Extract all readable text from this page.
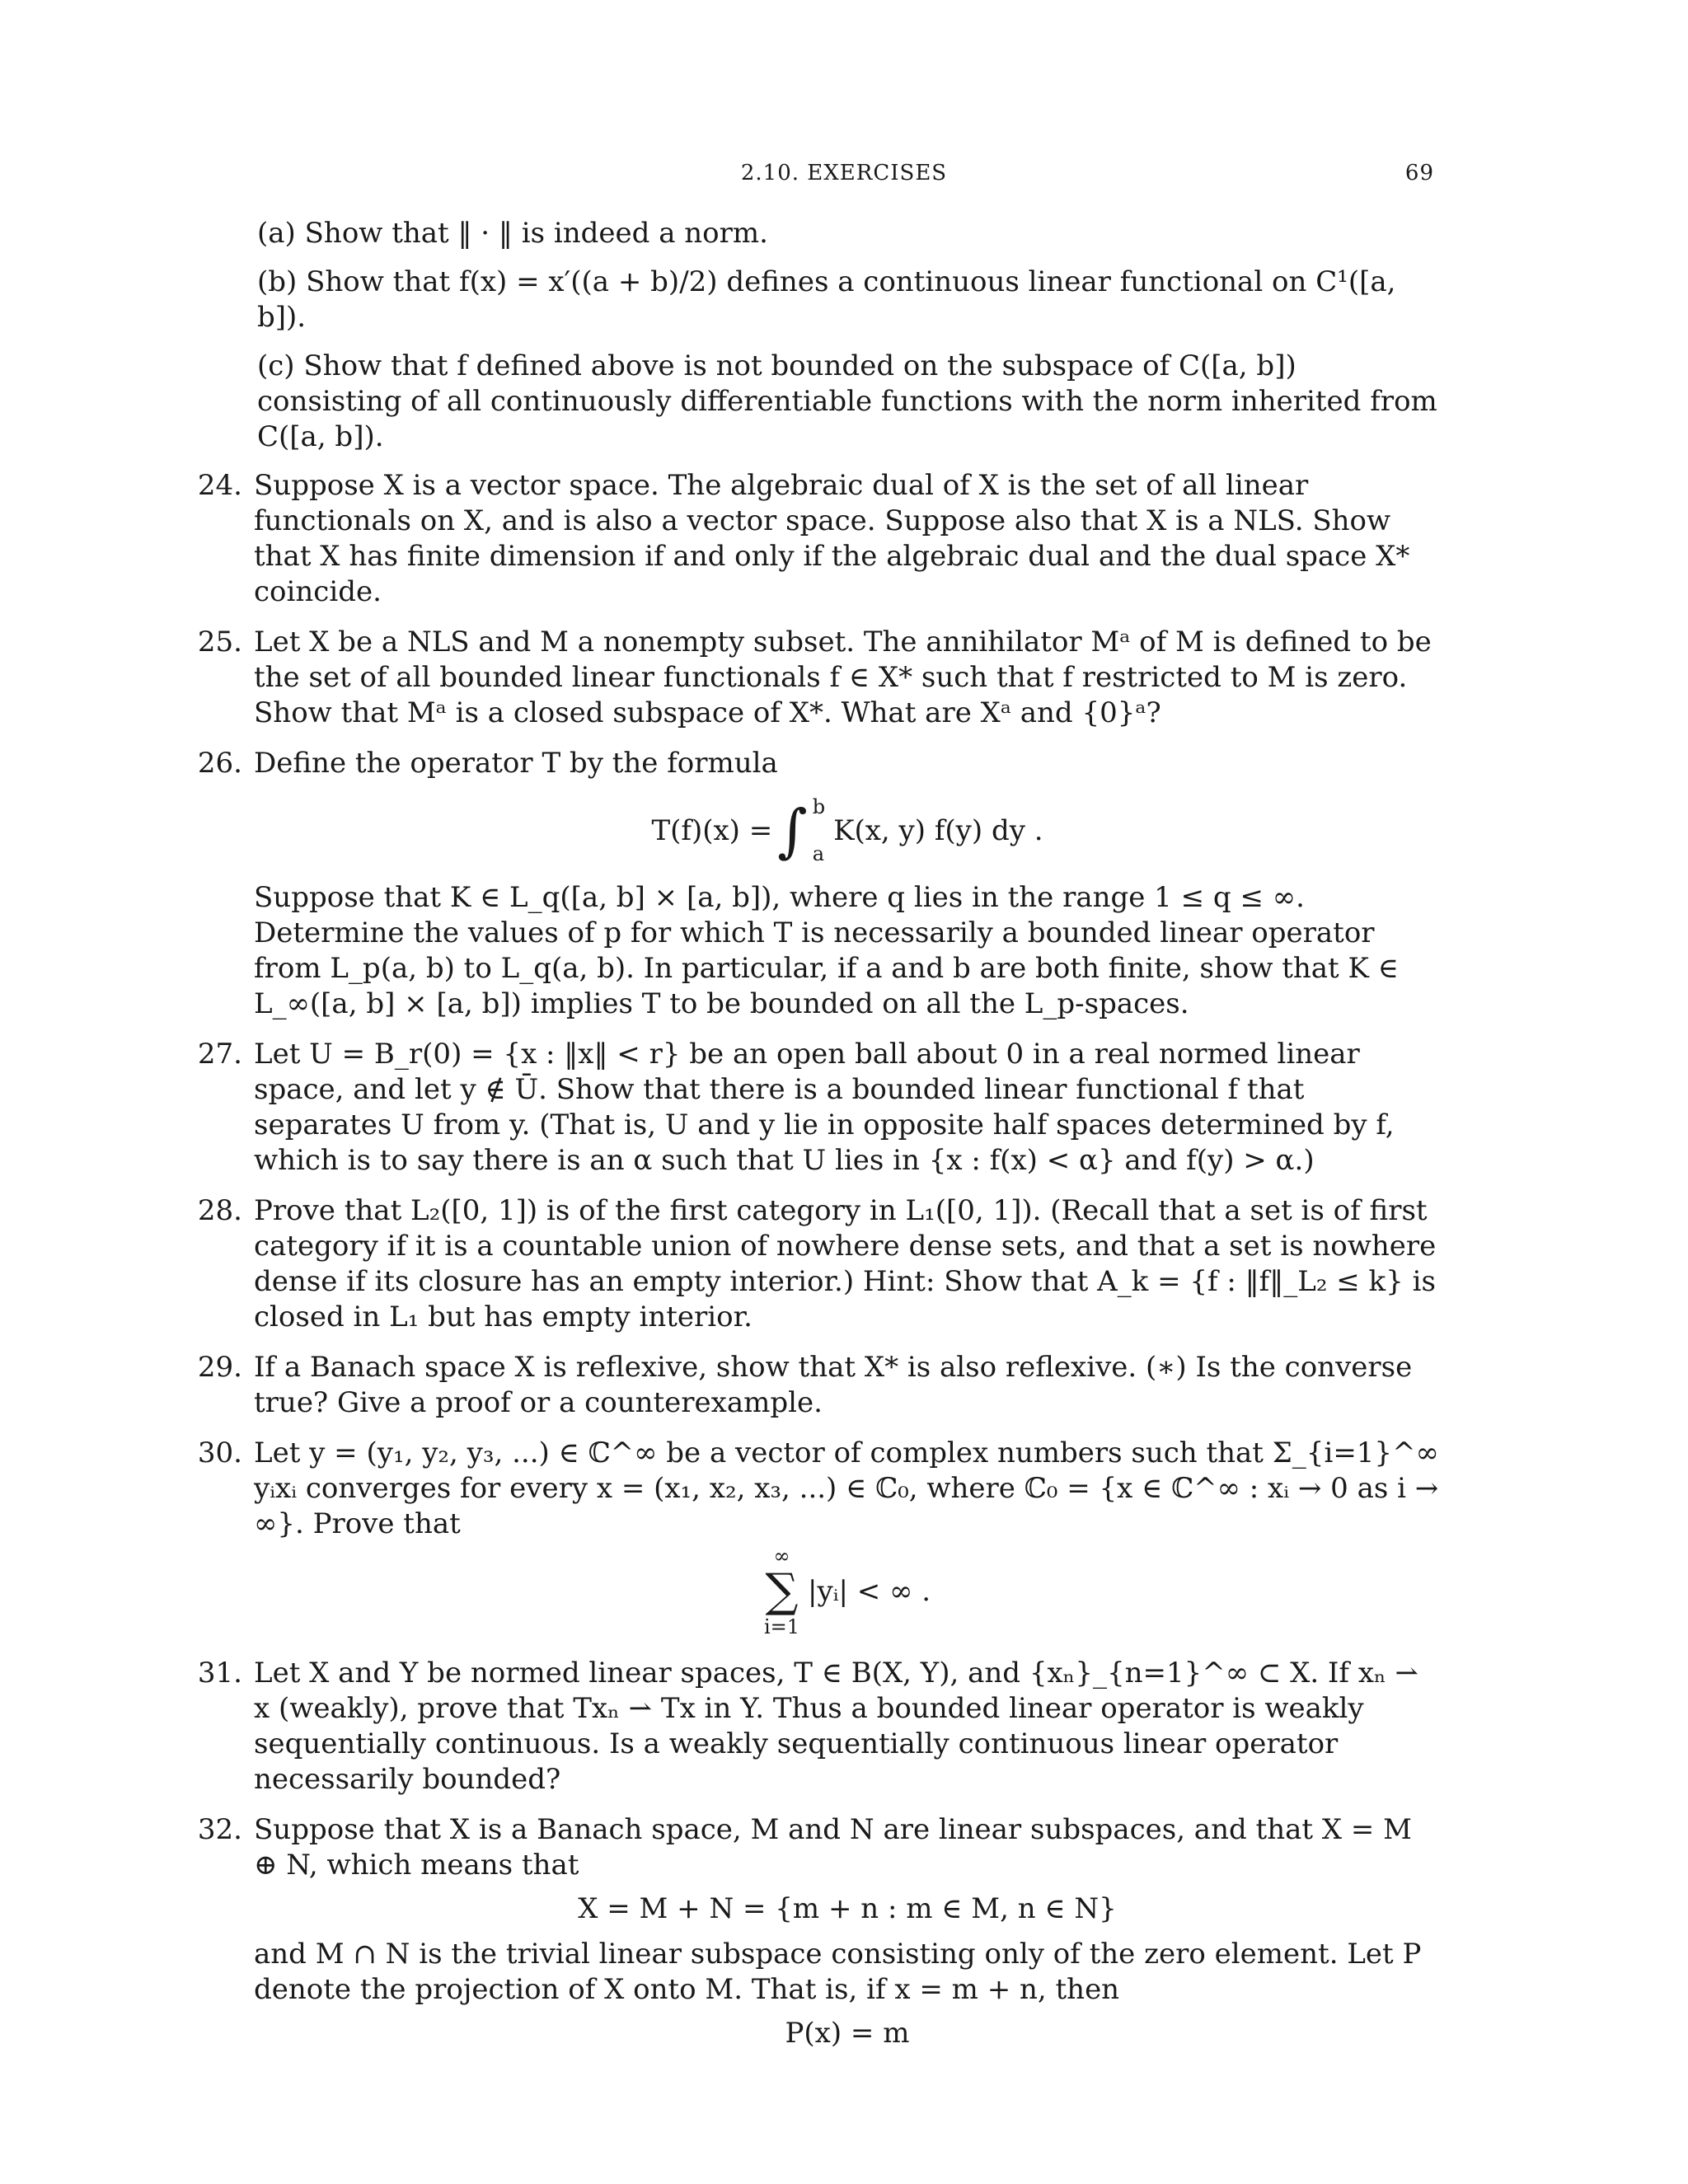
2.10. EXERCISES	69
(a) Show that ‖ · ‖ is indeed a norm.
(b) Show that f(x) = x′((a + b)/2) defines a continuous linear functional on C¹([a, b]).
(c) Show that f defined above is not bounded on the subspace of C([a, b]) consisting of all continuously differentiable functions with the norm inherited from C([a, b]).
24. Suppose X is a vector space. The algebraic dual of X is the set of all linear functionals on X, and is also a vector space. Suppose also that X is a NLS. Show that X has finite dimension if and only if the algebraic dual and the dual space X* coincide.

25. Let X be a NLS and M a nonempty subset. The annihilator Mᵃ of M is defined to be the set of all bounded linear functionals f ∈ X* such that f restricted to M is zero. Show that Mᵃ is a closed subspace of X*. What are Xᵃ and {0}ᵃ?

26. Define the operator T by the formula

T(f)(x) = ∫ b
a
K(x, y) f(y) dy .

Suppose that K ∈ L_q([a, b] × [a, b]), where q lies in the range 1 ≤ q ≤ ∞. Determine the values of p for which T is necessarily a bounded linear operator from L_p(a, b) to L_q(a, b). In particular, if a and b are both finite, show that K ∈ L_∞([a, b] × [a, b]) implies T to be bounded on all the L_p-spaces.

27. Let U = B_r(0) = {x : ‖x‖ < r} be an open ball about 0 in a real normed linear space, and let y ∉ Ū. Show that there is a bounded linear functional f that separates U from y. (That is, U and y lie in opposite half spaces determined by f, which is to say there is an α such that U lies in {x : f(x) < α} and f(y) > α.)

28. Prove that L₂([0, 1]) is of the first category in L₁([0, 1]). (Recall that a set is of first category if it is a countable union of nowhere dense sets, and that a set is nowhere dense if its closure has an empty interior.) Hint: Show that A_k = {f : ‖f‖_L₂ ≤ k} is closed in L₁ but has empty interior.

29. If a Banach space X is reflexive, show that X* is also reflexive. (∗) Is the converse true? Give a proof or a counterexample.

30. Let y = (y₁, y₂, y₃, ...) ∈ ℂ^∞ be a vector of complex numbers such that Σ_{i=1}^∞ yᵢxᵢ converges for every x = (x₁, x₂, x₃, ...) ∈ ℂ₀, where ℂ₀ = {x ∈ ℂ^∞ : xᵢ → 0 as i → ∞}. Prove that

∞
∑
i=1
|yᵢ| < ∞ .
31. Let X and Y be normed linear spaces, T ∈ B(X, Y), and {xₙ}_{n=1}^∞ ⊂ X. If xₙ ⇀ x (weakly), prove that Txₙ ⇀ Tx in Y. Thus a bounded linear operator is weakly sequentially continuous. Is a weakly sequentially continuous linear operator necessarily bounded?

32. Suppose that X is a Banach space, M and N are linear subspaces, and that X = M ⊕ N, which means that

X = M + N = {m + n : m ∈ M, n ∈ N}

and M ∩ N is the trivial linear subspace consisting only of the zero element. Let P denote the projection of X onto M. That is, if x = m + n, then

P(x) = m
